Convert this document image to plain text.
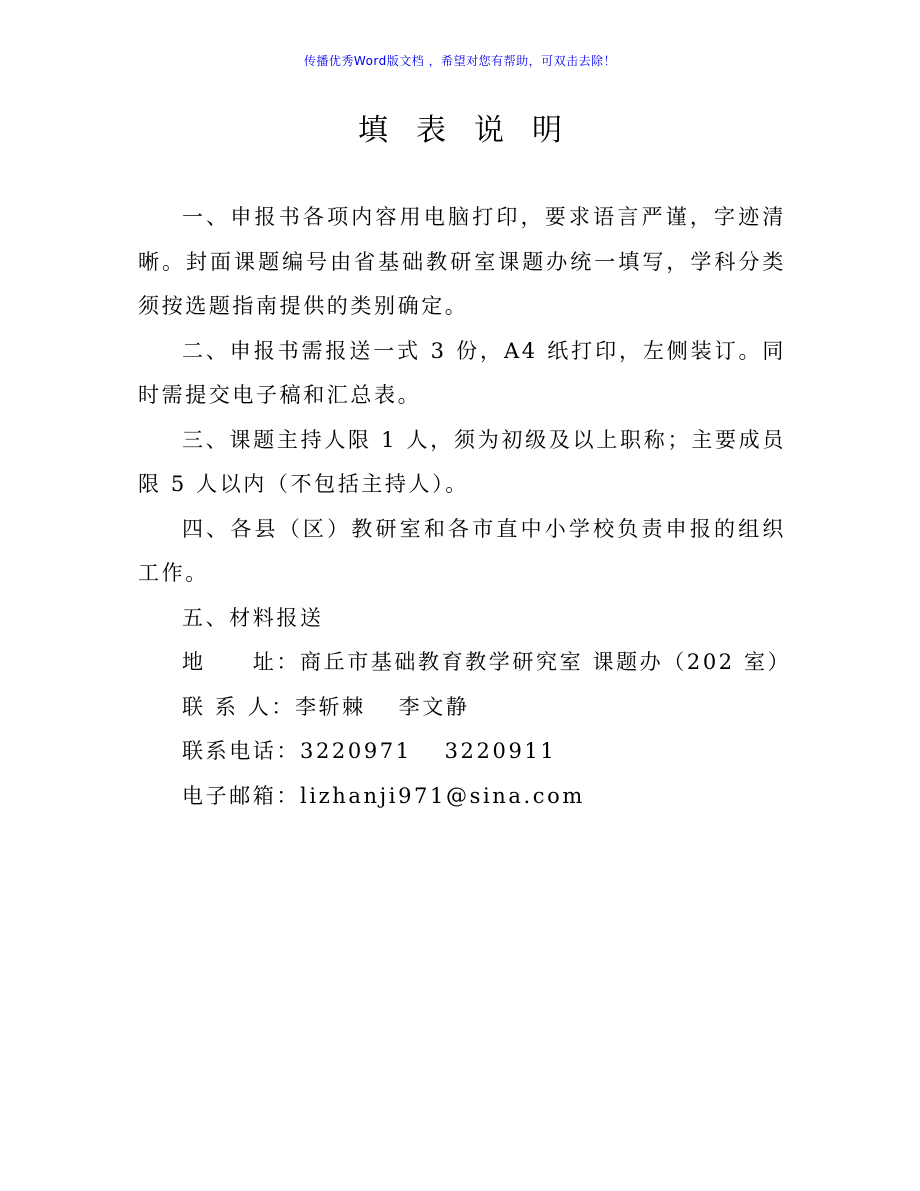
传播优秀Word版文档 ，希望对您有帮助，可双击去除！
填表说明

一、申报书各项内容用电脑打印，要求语言严谨，字迹清晰。封面课题编号由省基础教研室课题办统一填写，学科分类须按选题指南提供的类别确定。

二、申报书需报送一式 3 份，A4 纸打印，左侧装订。同时需提交电子稿和汇总表。

三、课题主持人限 1 人，须为初级及以上职称；主要成员限 5 人以内（不包括主持人）。

四、各县（区）教研室和各市直中小学校负责申报的组织工作。

五、材料报送

地　　址：商丘市基础教育教学研究室 课题办（202 室）

联 系 人：李斩棘　 李文静

联系电话：3220971　 3220911

电子邮箱：lizhanji971@sina.com
